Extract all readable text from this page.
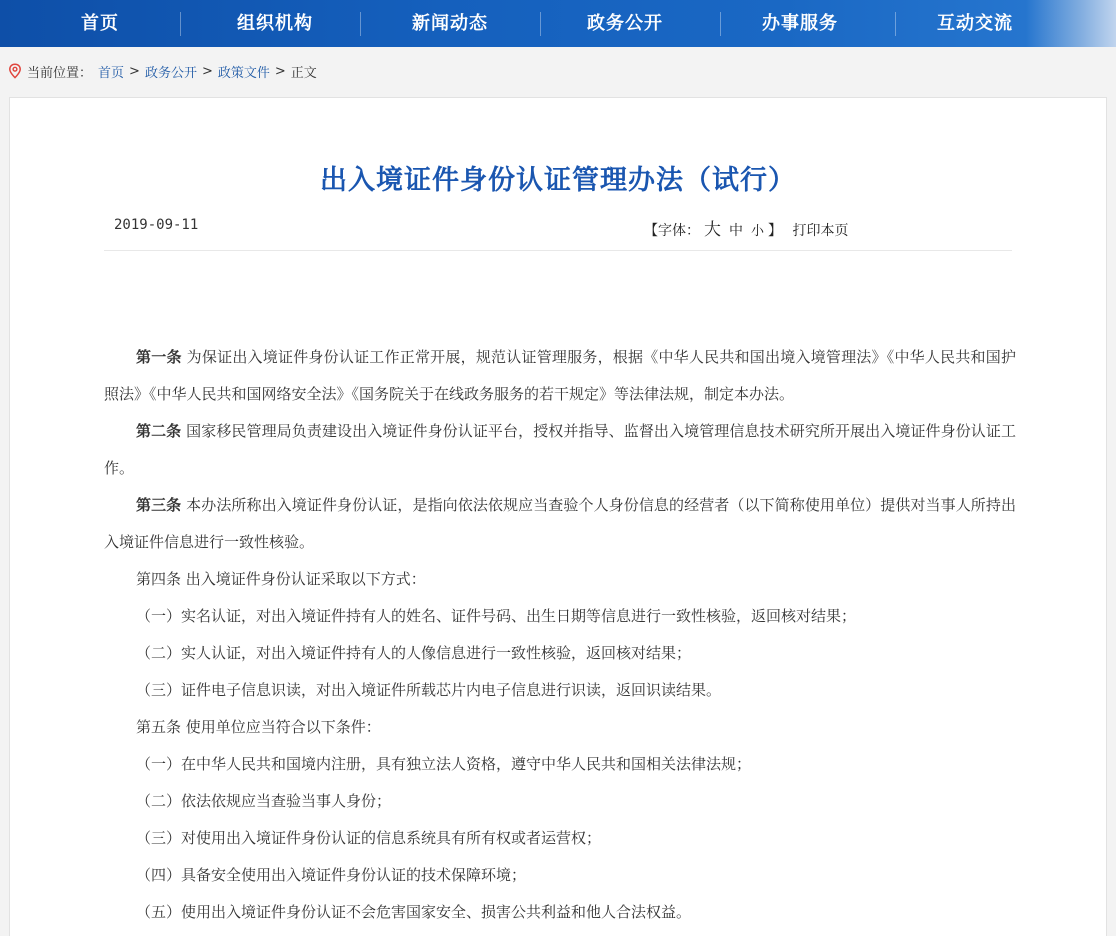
首页	组织机构	新闻动态	政务公开	办事服务	互动交流
当前位置： 首页 > 政务公开 > 政策文件 > 正文
出入境证件身份认证管理办法（试行）
2019-09-11	【字体： 大 中 小 】 打印本页

第一条 为保证出入境证件身份认证工作正常开展，规范认证管理服务，根据《中华人民共和国出境入境管理法》《中华人民共和国护照法》《中华人民共和国网络安全法》《国务院关于在线政务服务的若干规定》等法律法规，制定本办法。

第二条 国家移民管理局负责建设出入境证件身份认证平台，授权并指导、监督出入境管理信息技术研究所开展出入境证件身份认证工作。

第三条 本办法所称出入境证件身份认证，是指向依法依规应当查验个人身份信息的经营者（以下简称使用单位）提供对当事人所持出入境证件信息进行一致性核验。

第四条 出入境证件身份认证采取以下方式：

（一）实名认证，对出入境证件持有人的姓名、证件号码、出生日期等信息进行一致性核验，返回核对结果；

（二）实人认证，对出入境证件持有人的人像信息进行一致性核验，返回核对结果；

（三）证件电子信息识读，对出入境证件所载芯片内电子信息进行识读，返回识读结果。

第五条 使用单位应当符合以下条件：

（一）在中华人民共和国境内注册，具有独立法人资格，遵守中华人民共和国相关法律法规；

（二）依法依规应当查验当事人身份；

（三）对使用出入境证件身份认证的信息系统具有所有权或者运营权；

（四）具备安全使用出入境证件身份认证的技术保障环境；

（五）使用出入境证件身份认证不会危害国家安全、损害公共利益和他人合法权益。
